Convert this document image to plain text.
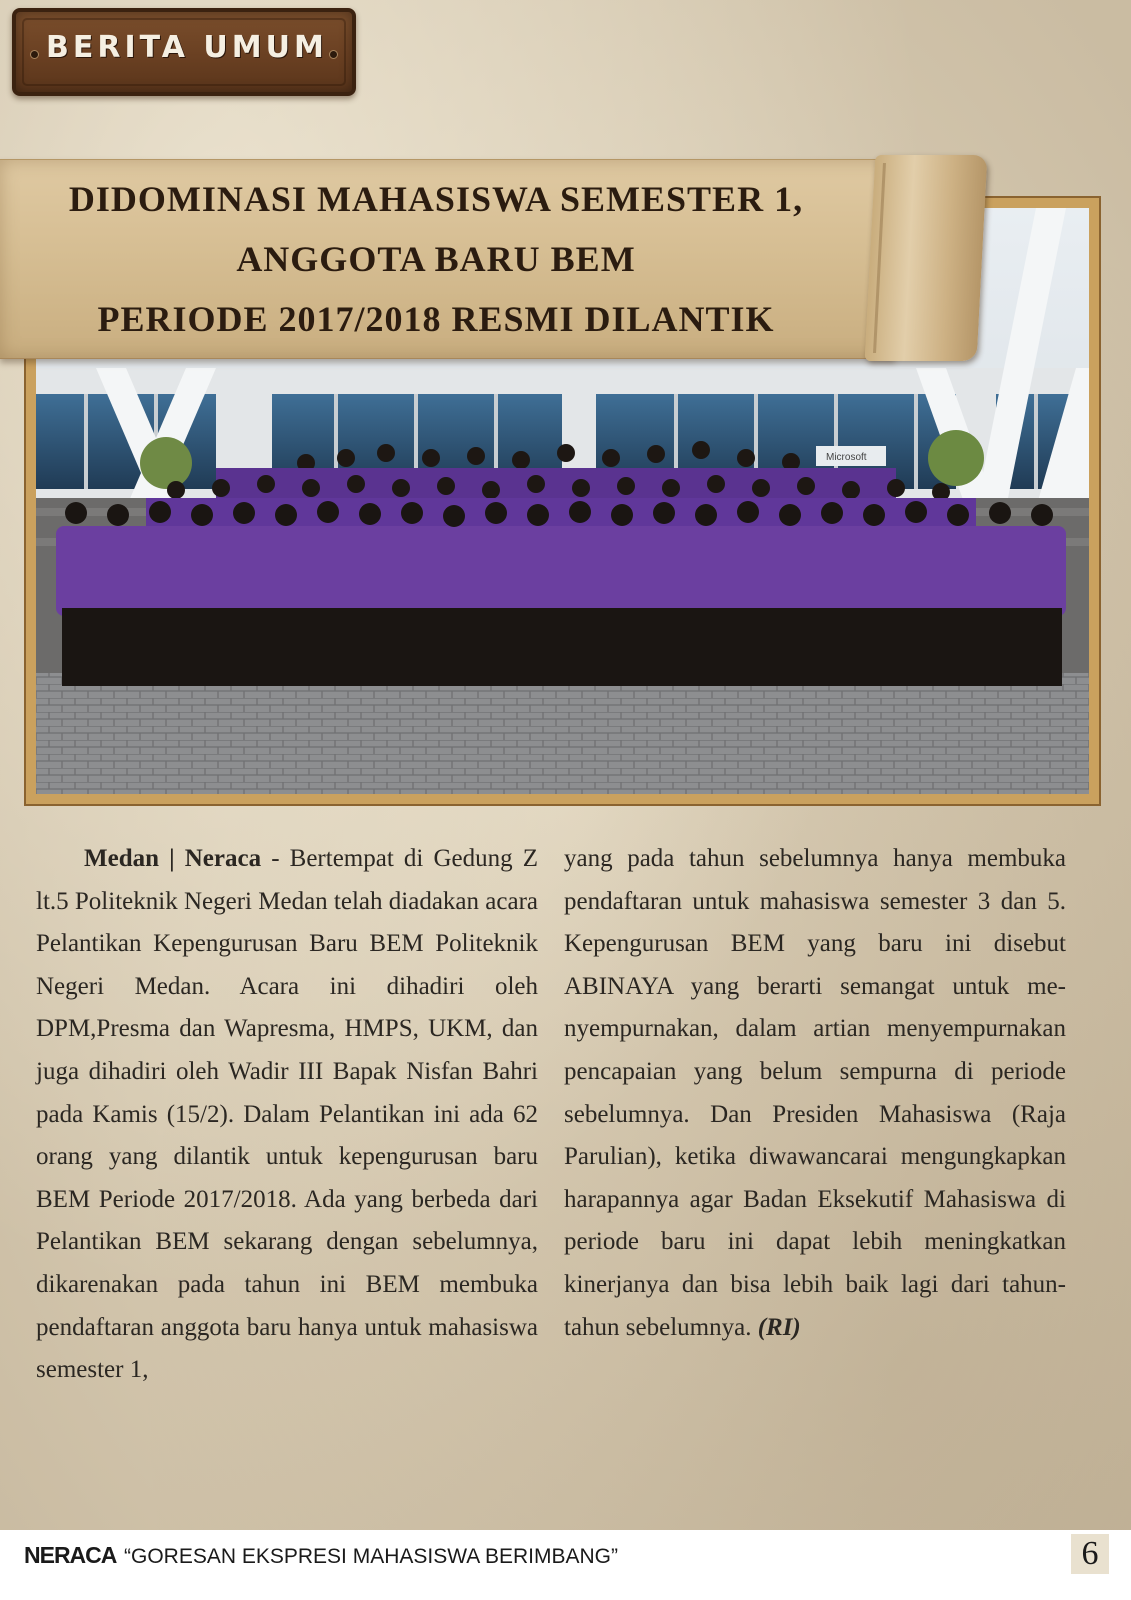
BERITA UMUM
Microsoft
DIDOMINASI MAHASISWA SEMESTER 1,
ANGGOTA BARU BEM
PERIODE 2017/2018 RESMI DILANTIK
Medan | Neraca - Bertempat di Gedung Z lt.5 Politeknik Negeri Medan telah diadakan acara Pelantikan Kepengurusan Baru BEM Politeknik Negeri Medan. Acara ini dihadiri oleh DPM,Presma dan Wapresma, HMPS, UKM, dan juga dihadiri oleh Wadir III Bapak Nisfan Bahri pada Kamis (15/2). Dalam Pelantikan ini ada 62 orang yang dilantik untuk kepengurusan baru BEM Periode 2017/2018. Ada yang berbeda dari Pelantikan BEM sekarang dengan sebelumnya, dikarenakan pada tahun ini BEM membuka pendaftaran anggota baru hanya untuk mahasiswa semester 1,
yang pada tahun sebelumnya hanya membuka pendaftaran untuk mahasiswa semester 3 dan 5. Kepengurusan BEM yang baru ini disebut ABINAYA yang berarti semangat untuk menyempurnakan, dalam artian menyempurnakan pencapaian yang belum sempurna di periode sebelumnya. Dan Presiden Mahasiswa (Raja Parulian), ketika diwawancarai mengungkapkan harapannya agar Badan Eksekutif Mahasiswa di periode baru ini dapat lebih meningkatkan kinerjanya dan bisa lebih baik lagi dari tahun-tahun sebelumnya. (RI)
NERACA “GORESAN EKSPRESI MAHASISWA BERIMBANG”	6
